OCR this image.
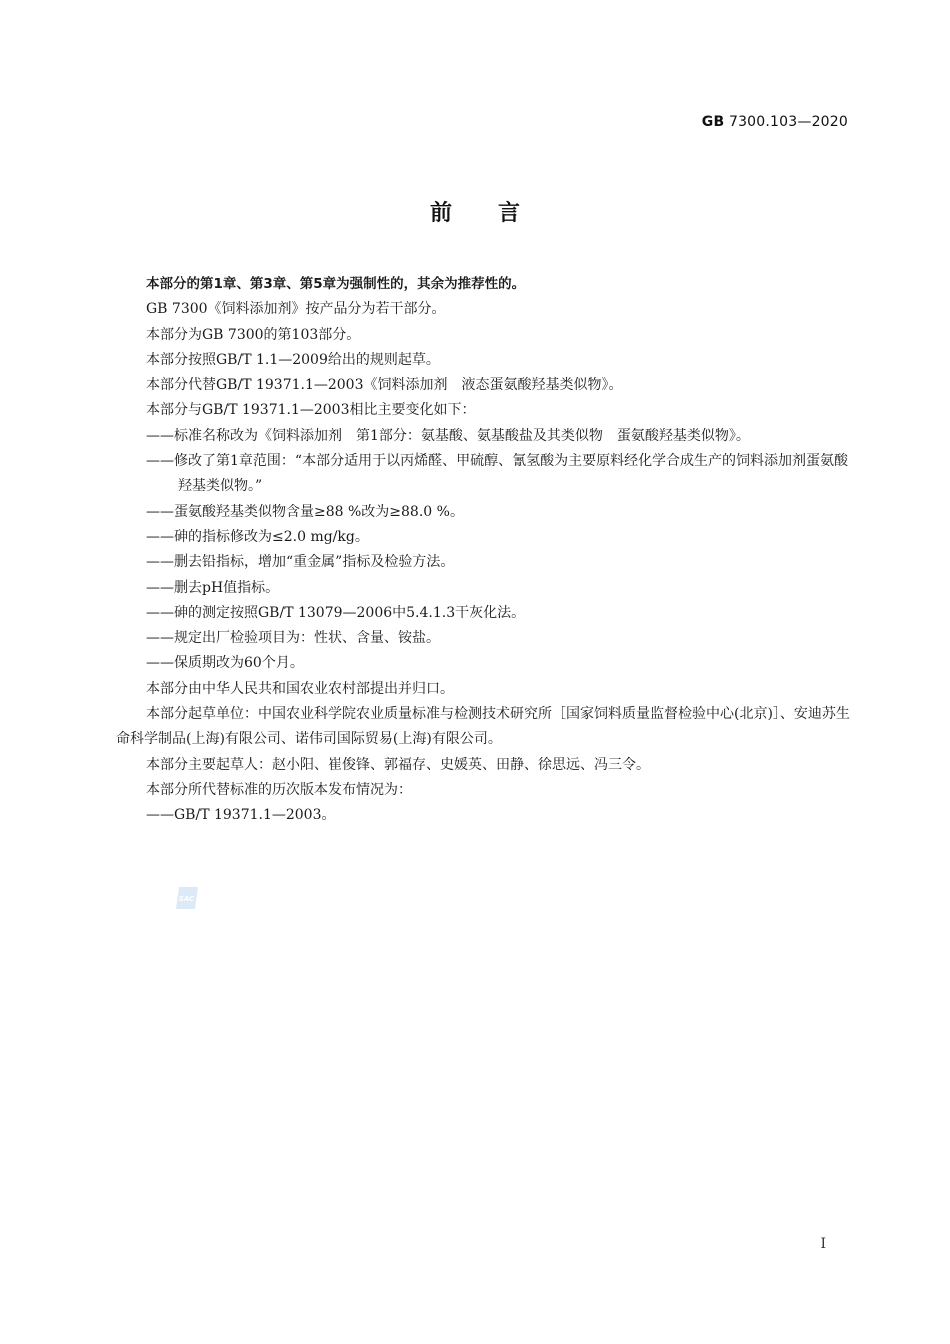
GB 7300.103—2020
前言

本部分的第1章、第3章、第5章为强制性的，其余为推荐性的。

GB 7300《饲料添加剂》按产品分为若干部分。

本部分为GB 7300的第103部分。

本部分按照GB/T 1.1—2009给出的规则起草。

本部分代替GB/T 19371.1—2003《饲料添加剂　液态蛋氨酸羟基类似物》。

本部分与GB/T 19371.1—2003相比主要变化如下：

——标准名称改为《饲料添加剂　第1部分：氨基酸、氨基酸盐及其类似物　蛋氨酸羟基类似物》。

——修改了第1章范围：“本部分适用于以丙烯醛、甲硫醇、氰氢酸为主要原料经化学合成生产的饲料添加剂蛋氨酸羟基类似物。”

——蛋氨酸羟基类似物含量≥88 %改为≥88.0 %。

——砷的指标修改为≤2.0 mg/kg。

——删去铅指标，增加“重金属”指标及检验方法。

——删去pH值指标。

——砷的测定按照GB/T 13079—2006中5.4.1.3干灰化法。

——规定出厂检验项目为：性状、含量、铵盐。

——保质期改为60个月。

本部分由中华人民共和国农业农村部提出并归口。

本部分起草单位：中国农业科学院农业质量标准与检测技术研究所［国家饲料质量监督检验中心(北京)］、安迪苏生命科学制品(上海)有限公司、诺伟司国际贸易(上海)有限公司。

本部分主要起草人：赵小阳、崔俊锋、郭福存、史媛英、田静、徐思远、冯三令。

本部分所代替标准的历次版本发布情况为：

——GB/T 19371.1—2003。

SAC
I
